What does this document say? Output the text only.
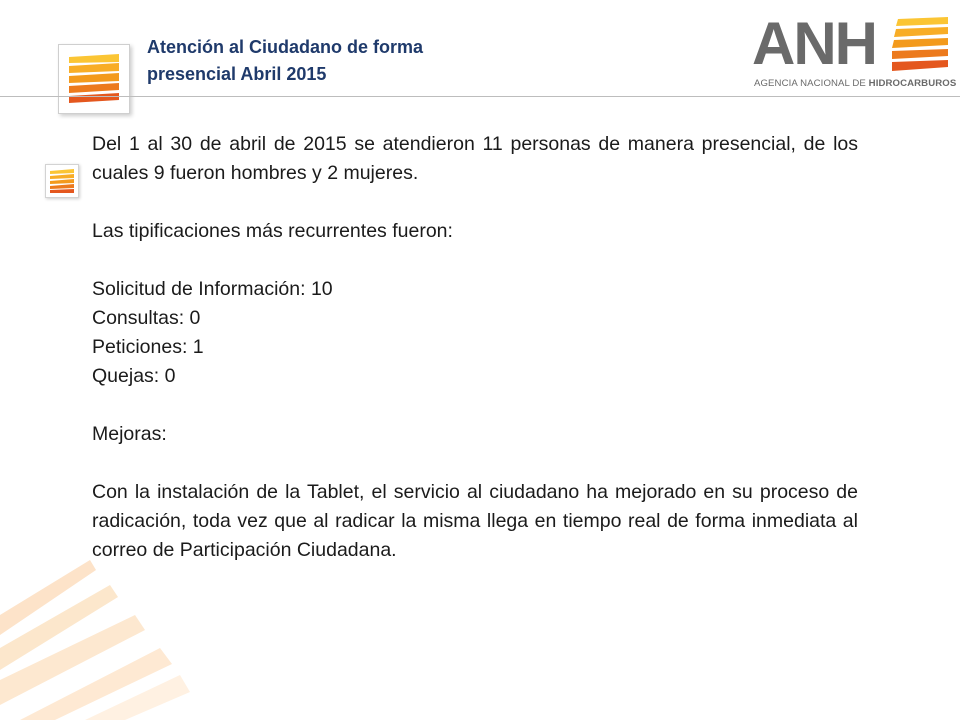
Atención al Ciudadano de forma
presencial Abril 2015	ANH
AGENCIA NACIONAL DE HIDROCARBUROS

Del 1 al 30 de abril de 2015 se atendieron 11 personas de manera presencial, de los cuales 9 fueron hombres y 2 mujeres.

Las tipificaciones más recurrentes fueron:

Solicitud de Información: 10

Consultas: 0

Peticiones: 1

Quejas: 0

Mejoras:

Con la instalación de la Tablet, el servicio al ciudadano ha mejorado en su proceso de radicación, toda vez que al radicar la misma llega en tiempo real de forma inmediata al correo de Participación Ciudadana.
